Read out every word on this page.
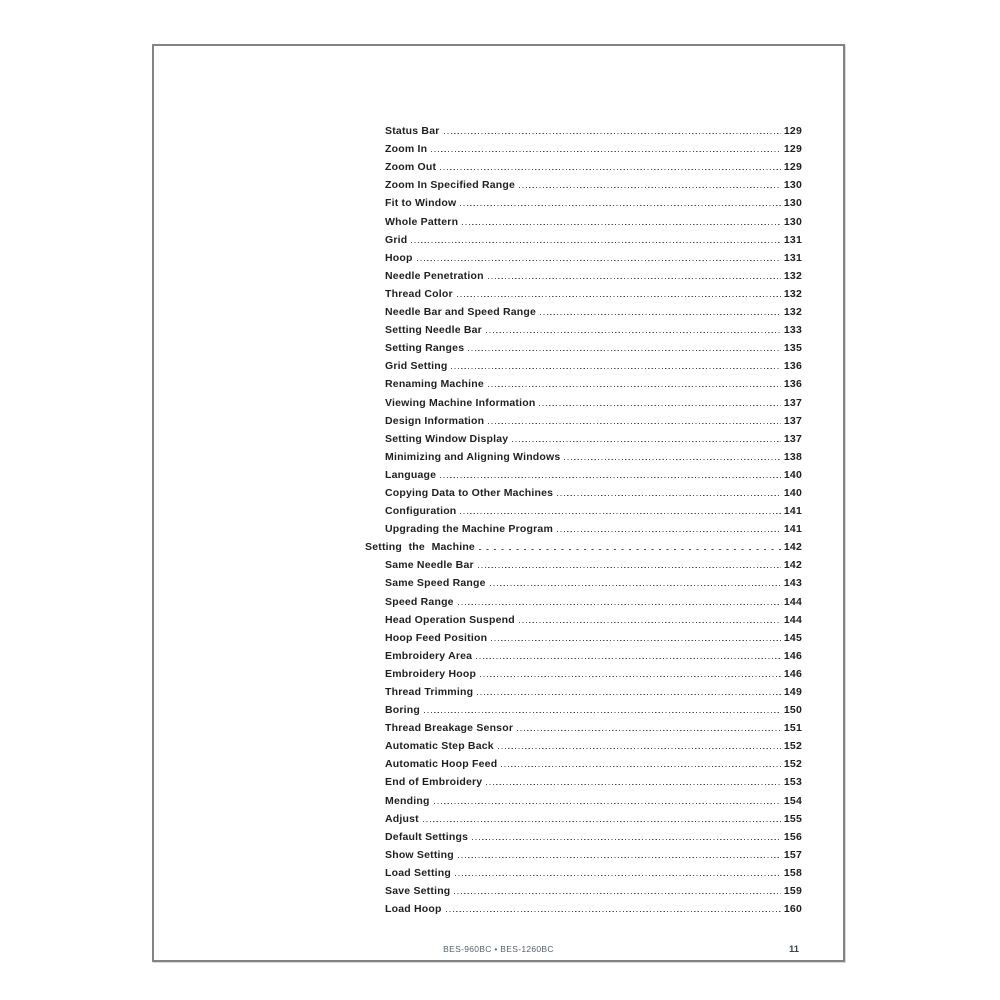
Status Bar	129
Zoom In	129
Zoom Out	129
Zoom In Specified Range	130
Fit to Window	130
Whole Pattern	130
Grid	131
Hoop	131
Needle Penetration	132
Thread Color	132
Needle Bar and Speed Range	132
Setting Needle Bar	133
Setting Ranges	135
Grid Setting	136
Renaming Machine	136
Viewing Machine Information	137
Design Information	137
Setting Window Display	137
Minimizing and Aligning Windows	138
Language	140
Copying Data to Other Machines	140
Configuration	141
Upgrading the Machine Program	141
Setting the Machine	142
Same Needle Bar	142
Same Speed Range	143
Speed Range	144
Head Operation Suspend	144
Hoop Feed Position	145
Embroidery Area	146
Embroidery Hoop	146
Thread Trimming	149
Boring	150
Thread Breakage Sensor	151
Automatic Step Back	152
Automatic Hoop Feed	152
End of Embroidery	153
Mending	154
Adjust	155
Default Settings	156
Show Setting	157
Load Setting	158
Save Setting	159
Load Hoop	160
BES-960BC • BES-1260BC	11
